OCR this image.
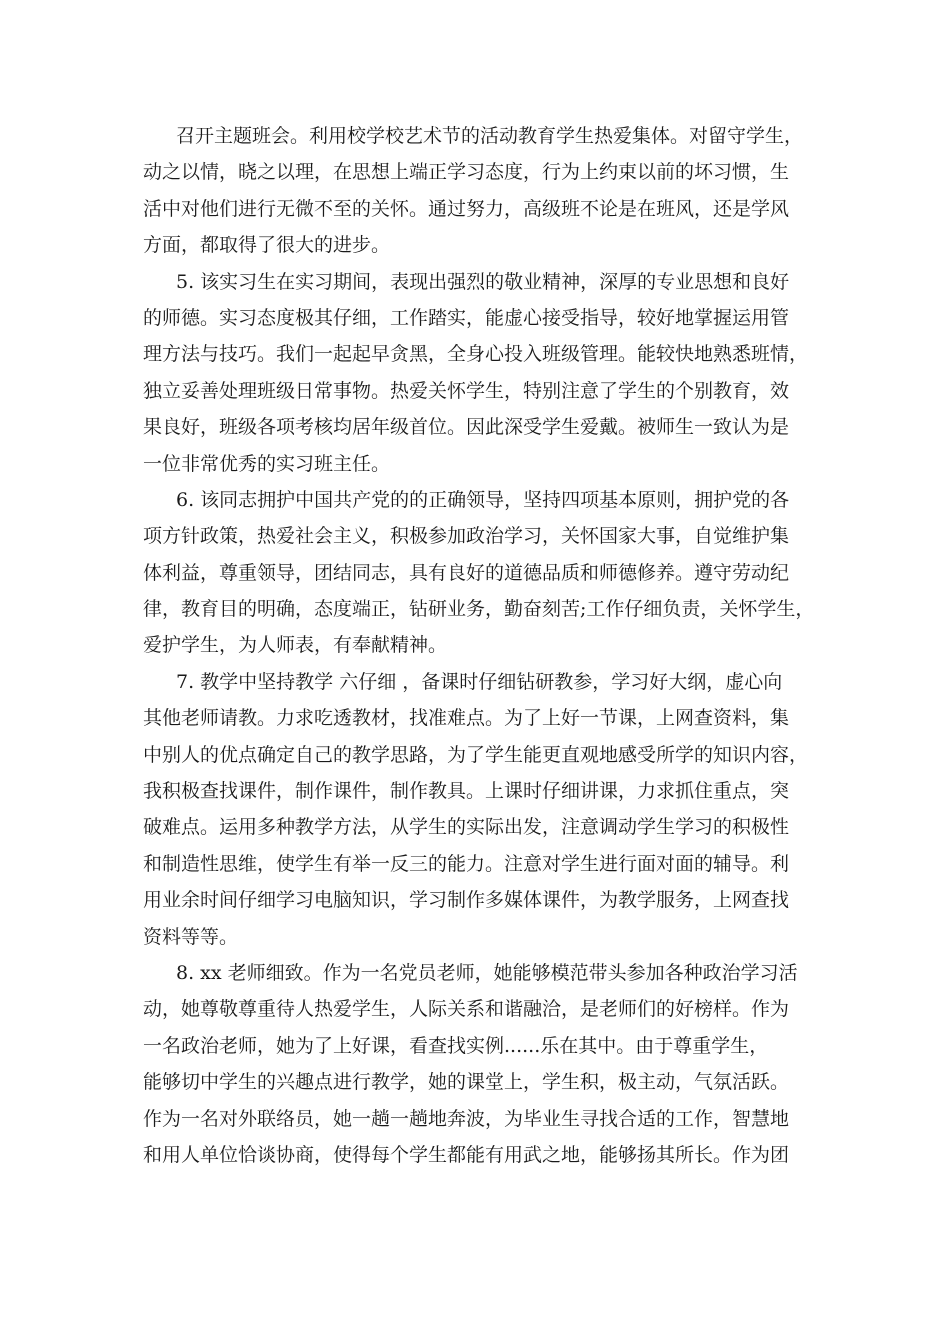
召开主题班会。利用校学校艺术节的活动教育学生热爱集体。对留守学生，
动之以情，晓之以理，在思想上端正学习态度，行为上约束以前的坏习惯，生
活中对他们进行无微不至的关怀。通过努力，高级班不论是在班风，还是学风
方面，都取得了很大的进步。
5. 该实习生在实习期间，表现出强烈的敬业精神，深厚的专业思想和良好
的师德。实习态度极其仔细，工作踏实，能虚心接受指导，较好地掌握运用管
理方法与技巧。我们一起起早贪黑，全身心投入班级管理。能较快地熟悉班情，
独立妥善处理班级日常事物。热爱关怀学生，特别注意了学生的个别教育，效
果良好，班级各项考核均居年级首位。因此深受学生爱戴。被师生一致认为是
一位非常优秀的实习班主任。
6. 该同志拥护中国共产党的的正确领导，坚持四项基本原则，拥护党的各
项方针政策，热爱社会主义，积极参加政治学习，关怀国家大事，自觉维护集
体利益，尊重领导，团结同志，具有良好的道德品质和师德修养。遵守劳动纪
律，教育目的明确，态度端正，钻研业务，勤奋刻苦;工作仔细负责，关怀学生，
爱护学生，为人师表，有奉献精神。
7. 教学中坚持教学 六仔细 ，备课时仔细钻研教参，学习好大纲，虚心向
其他老师请教。力求吃透教材，找准难点。为了上好一节课，上网查资料，集
中别人的优点确定自己的教学思路，为了学生能更直观地感受所学的知识内容，
我积极查找课件，制作课件，制作教具。上课时仔细讲课，力求抓住重点，突
破难点。运用多种教学方法，从学生的实际出发，注意调动学生学习的积极性
和制造性思维，使学生有举一反三的能力。注意对学生进行面对面的辅导。利
用业余时间仔细学习电脑知识，学习制作多媒体课件，为教学服务，上网查找
资料等等。
8. xx 老师细致。作为一名党员老师，她能够模范带头参加各种政治学习活
动，她尊敬尊重待人热爱学生，人际关系和谐融洽，是老师们的好榜样。作为
一名政治老师，她为了上好课，看查找实例......乐在其中。由于尊重学生，
能够切中学生的兴趣点进行教学，她的课堂上，学生积，极主动，气氛活跃。
作为一名对外联络员，她一趟一趟地奔波，为毕业生寻找合适的工作，智慧地
和用人单位恰谈协商，使得每个学生都能有用武之地，能够扬其所长。作为团
